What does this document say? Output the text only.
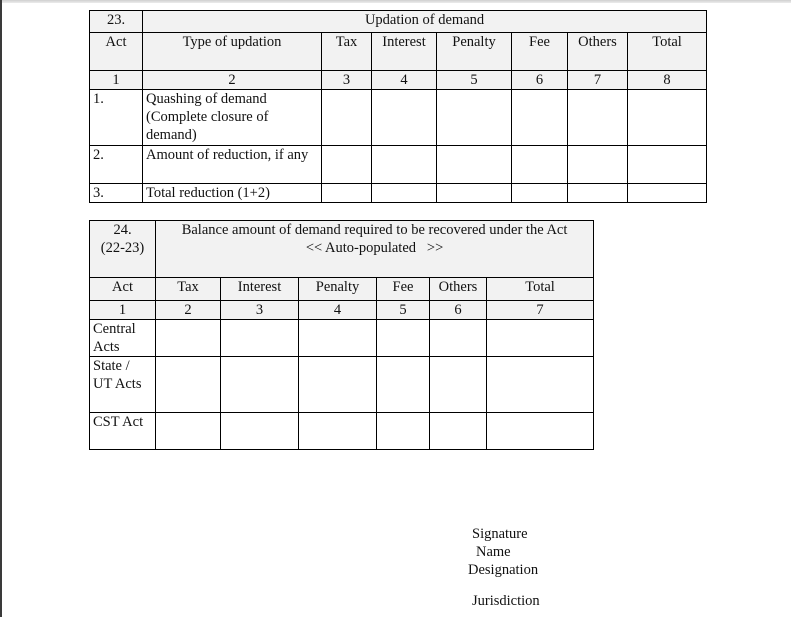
23.	Updation of demand						
Act	Type of updation	Tax	Interest	Penalty	Fee	Others	Total
1	2	3	4	5	6	7	8
1.	Quashing of demand (Complete closure of demand)						
2.	Amount of reduction, if any						
3.	Total reduction (1+2)						
24.
(22-23)

Balance amount of demand required to be recovered under the Act
<< Auto-populated   >>

Act	Tax	Interest	Penalty	Fee	Others	Total
1	2	3	4	5	6	7
Central Acts						
State / UT Acts						
CST Act						
Signature
Name
Designation
Jurisdiction
